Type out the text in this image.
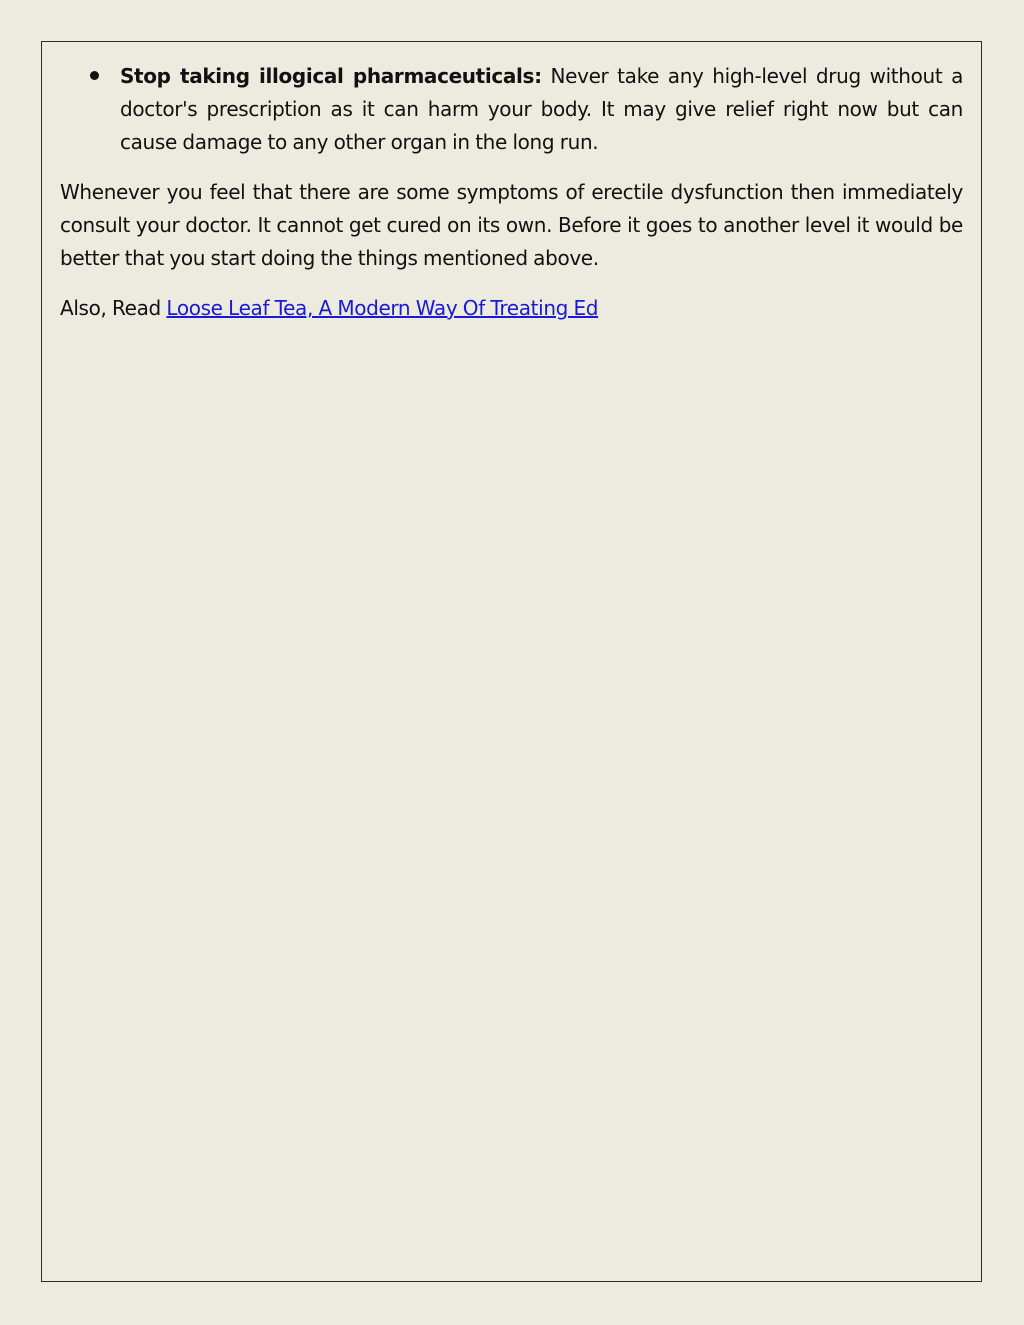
Stop taking illogical pharmaceuticals: Never take any high-level drug without a doctor's prescription as it can harm your body. It may give relief right now but can cause damage to any other organ in the long run.

Whenever you feel that there are some symptoms of erectile dysfunction then immediately consult your doctor. It cannot get cured on its own. Before it goes to another level it would be better that you start doing the things mentioned above.

Also, Read Loose Leaf Tea, A Modern Way Of Treating Ed
